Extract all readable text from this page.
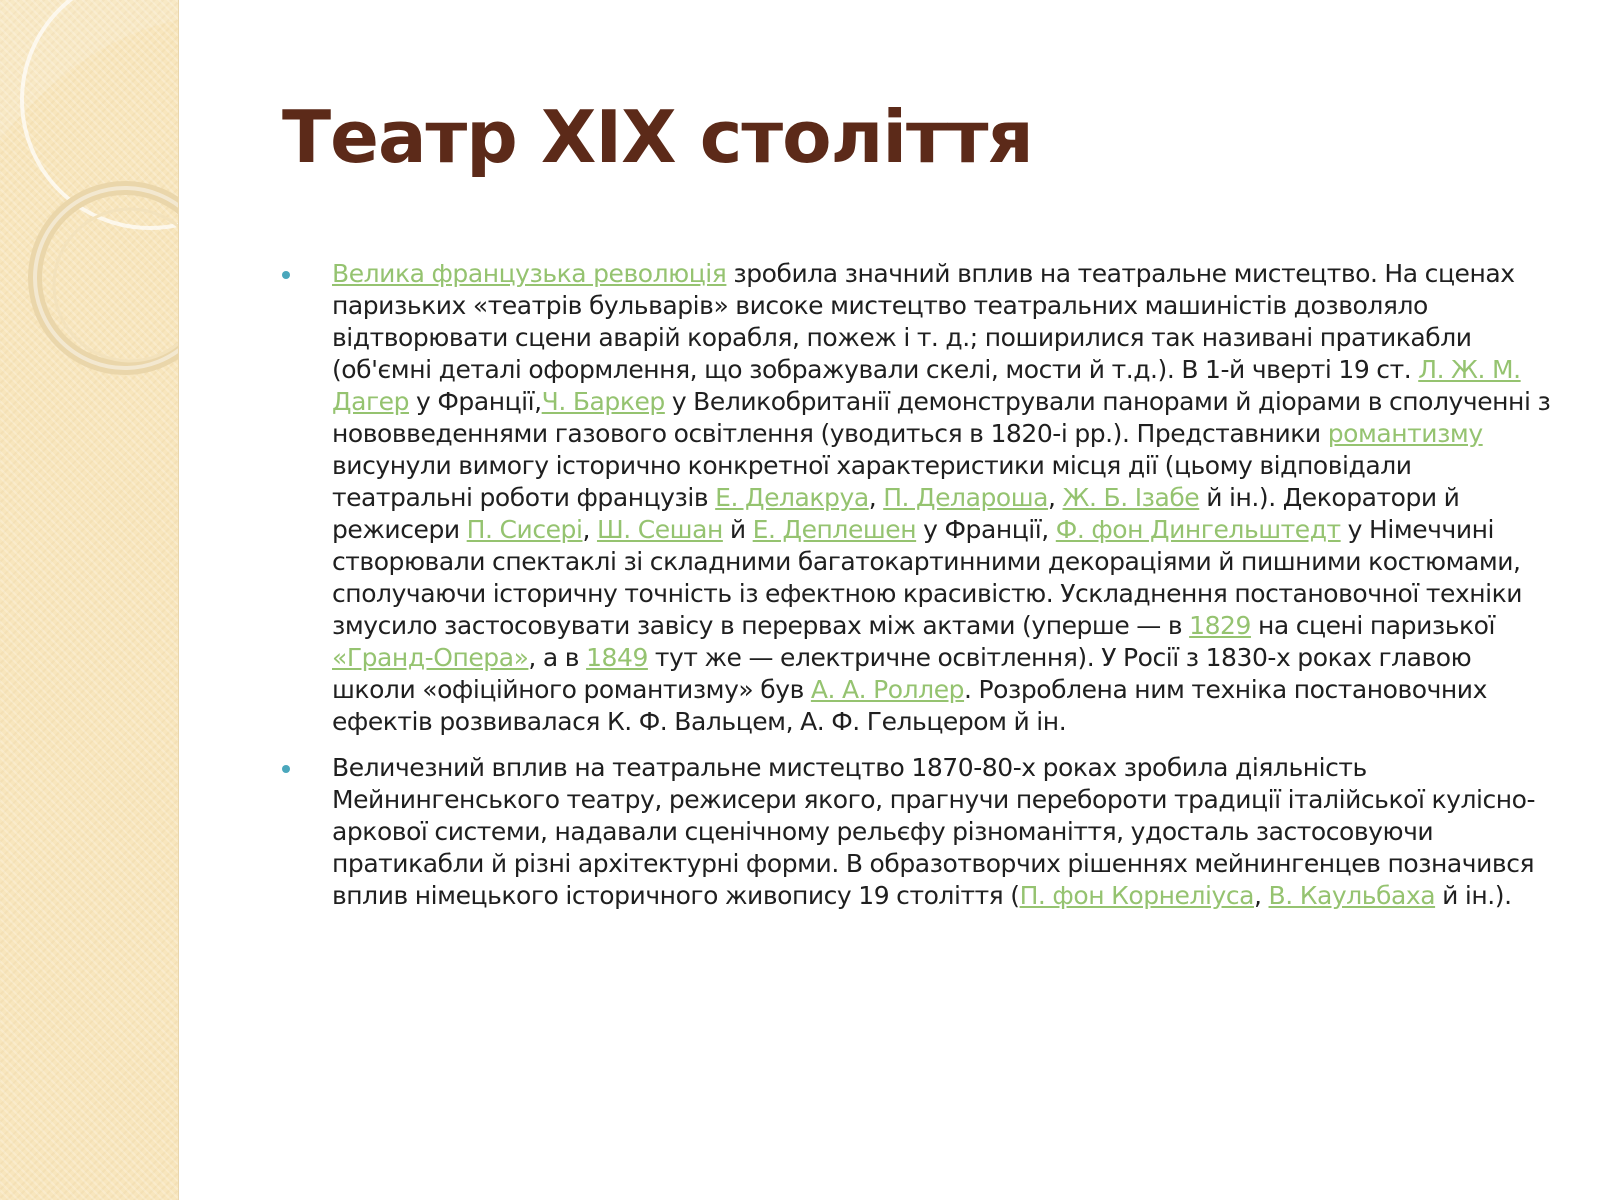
Театр XIX століття
Велика французька революція зробила значний вплив на театральне мистецтво. На сценах паризьких «театрів бульварів» високе мистецтво театральних машиністів дозволяло відтворювати сцени аварій корабля, пожеж і т. д.; поширилися так називані пратикабли (об'ємні деталі оформлення, що зображували скелі, мости й т.д.). В 1-й чверті 19 ст. Л. Ж. М. Дагер у Франції,Ч. Баркер у Великобританії демонстрували панорами й діорами в сполученні з нововведеннями газового освітлення (уводиться в 1820-і рр.). Представники романтизму висунули вимогу історично конкретної характеристики місця дії (цьому відповідали театральні роботи французів Е. Делакруа, П. Делароша, Ж. Б. Ізабе й ін.). Декоратори й режисери П. Сисері, Ш. Сешан й Е. Деплешен у Франції, Ф. фон Дингельштедт у Німеччині створювали спектаклі зі складними багатокартинними декораціями й пишними костюмами, сполучаючи історичну точність із ефектною красивістю. Ускладнення постановочної техніки змусило застосовувати завісу в перервах між актами (уперше — в 1829 на сцені паризької «Гранд-Опера», а в 1849 тут же — електричне освітлення). У Росії з 1830-х роках главою школи «офіційного романтизму» був А. А. Роллер. Розроблена ним техніка постановочних ефектів розвивалася К. Ф. Вальцем, А. Ф. Гельцером й ін.
Величезний вплив на театральне мистецтво 1870-80-х роках зробила діяльність Мейнингенського театру, режисери якого, прагнучи перебороти традиції італійської кулісно-аркової системи, надавали сценічному рельєфу різноманіття, удосталь застосовуючи пратикабли й різні архітектурні форми. В образотворчих рішеннях мейнингенцев позначився вплив німецького історичного живопису 19 століття (П. фон Корнеліуса, В. Каульбаха й ін.).
